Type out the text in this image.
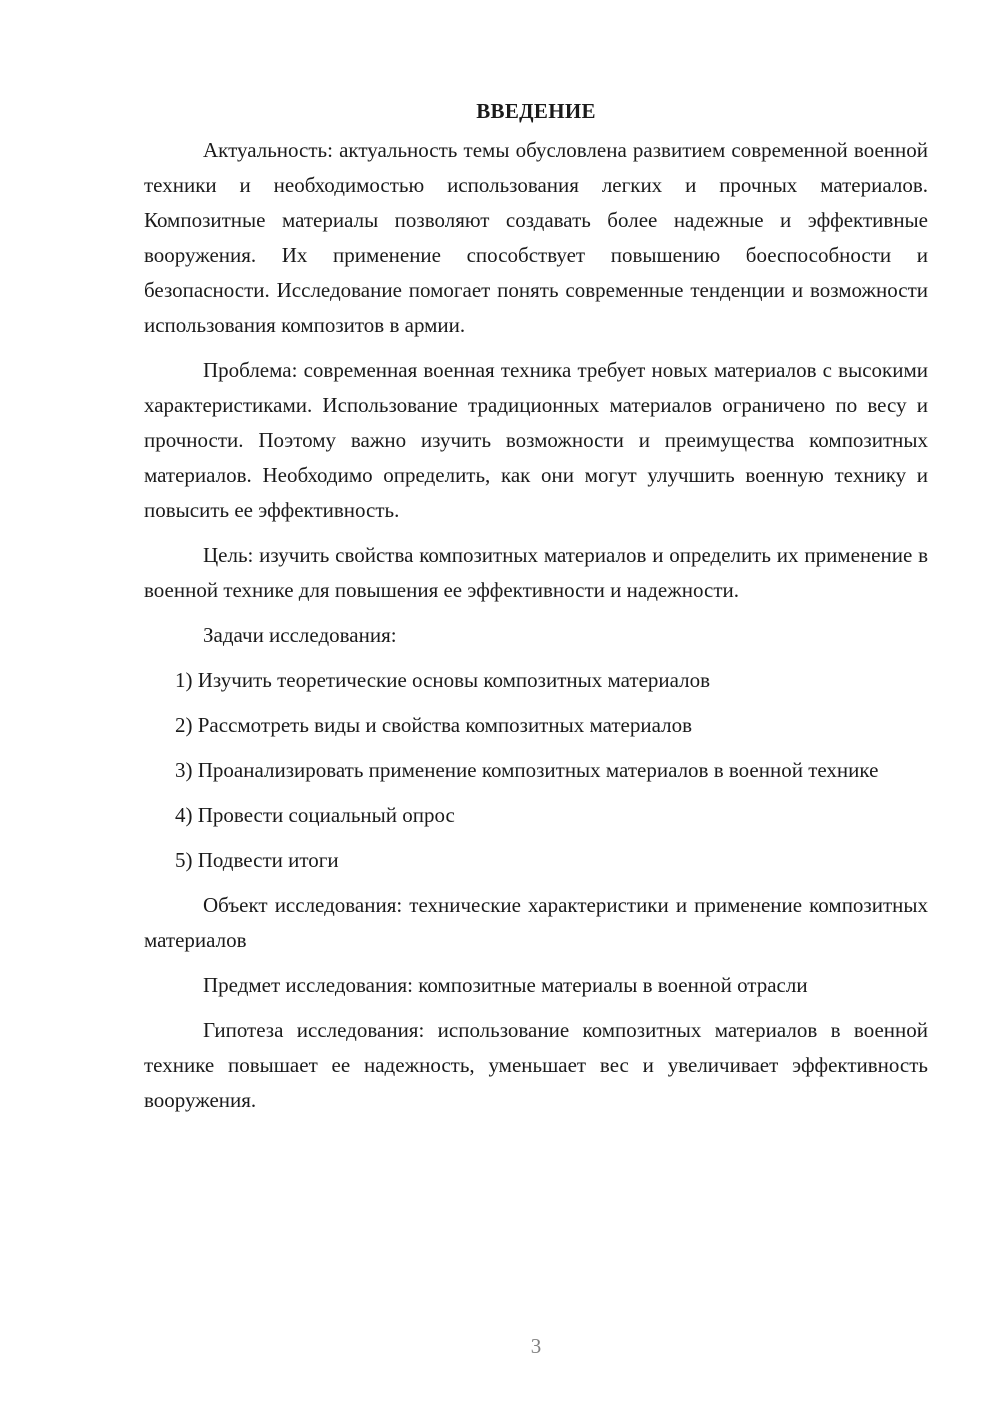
ВВЕДЕНИЕ

Актуальность: актуальность темы обусловлена развитием современной военной техники и необходимостью использования легких и прочных материалов. Композитные материалы позволяют создавать более надежные и эффективные вооружения. Их применение способствует повышению боеспособности и безопасности. Исследование помогает понять современные тенденции и возможности использования композитов в армии.

Проблема: современная военная техника требует новых материалов с высокими характеристиками. Использование традиционных материалов ограничено по весу и прочности. Поэтому важно изучить возможности и преимущества композитных материалов. Необходимо определить, как они могут улучшить военную технику и повысить ее эффективность.

Цель: изучить свойства композитных материалов и определить их применение в военной технике для повышения ее эффективности и надежности.

Задачи исследования:

1) Изучить теоретические основы композитных материалов

2) Рассмотреть виды и свойства композитных материалов

3) Проанализировать применение композитных материалов в военной технике

4) Провести социальный опрос

5) Подвести итоги

Объект исследования: технические характеристики и применение композитных материалов

Предмет исследования: композитные материалы в военной отрасли

Гипотеза исследования: использование композитных материалов в военной технике повышает ее надежность, уменьшает вес и увеличивает эффективность вооружения.

3
